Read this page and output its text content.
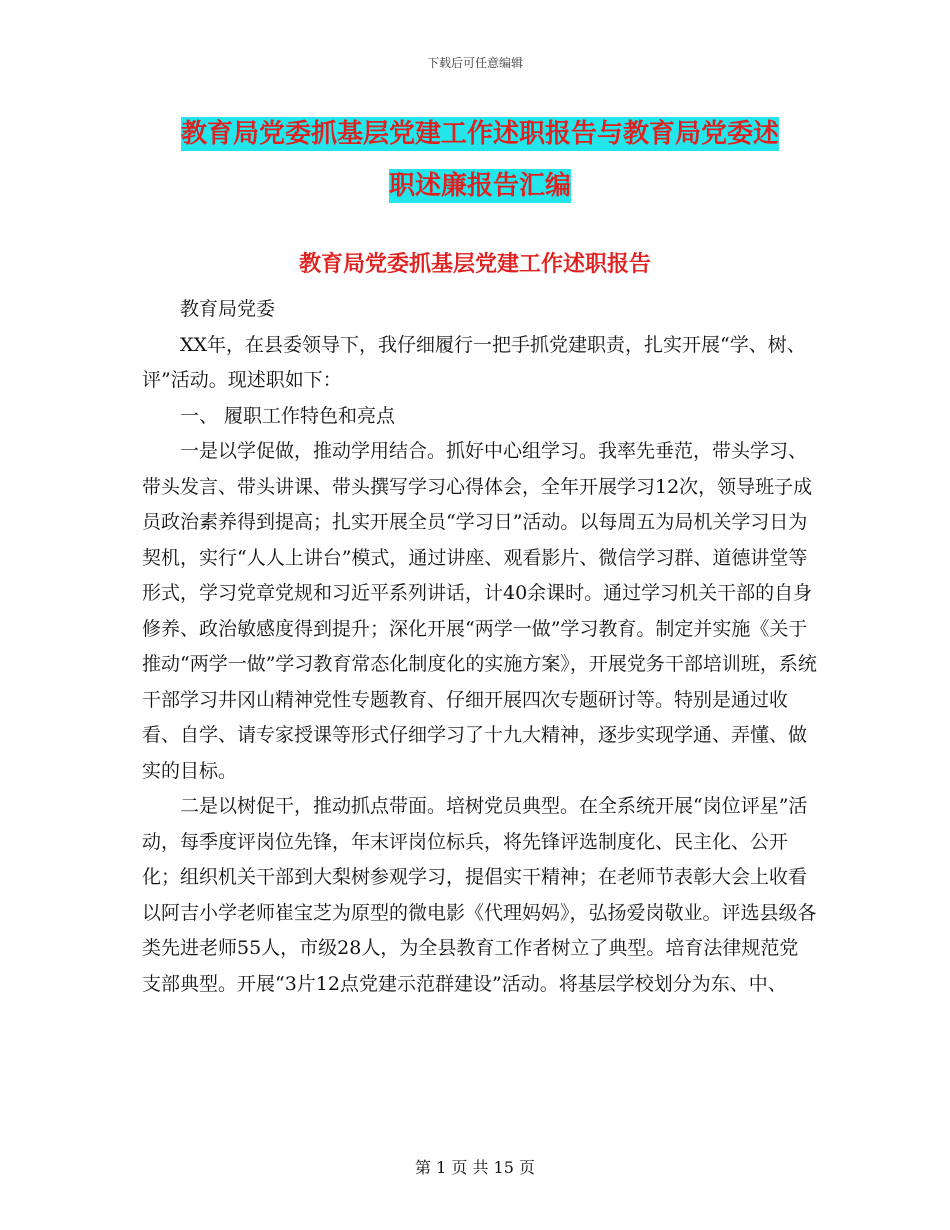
下载后可任意编辑
教育局党委抓基层党建工作述职报告与教育局党委述
职述廉报告汇编
教育局党委抓基层党建工作述职报告

教育局党委

XX年，在县委领导下，我仔细履行一把手抓党建职责，扎实开展“学、树、评”活动。现述职如下：

一、 履职工作特色和亮点

一是以学促做，推动学用结合。抓好中心组学习。我率先垂范，带头学习、带头发言、带头讲课、带头撰写学习心得体会，全年开展学习12次，领导班子成员政治素养得到提高；扎实开展全员“学习日”活动。以每周五为局机关学习日为契机，实行“人人上讲台”模式，通过讲座、观看影片、微信学习群、道德讲堂等形式，学习党章党规和习近平系列讲话，计40余课时。通过学习机关干部的自身修养、政治敏感度得到提升；深化开展“两学一做”学习教育。制定并实施《关于推动“两学一做”学习教育常态化制度化的实施方案》，开展党务干部培训班，系统干部学习井冈山精神党性专题教育、仔细开展四次专题研讨等。特别是通过收看、自学、请专家授课等形式仔细学习了十九大精神，逐步实现学通、弄懂、做实的目标。

二是以树促干，推动抓点带面。培树党员典型。在全系统开展“岗位评星”活动，每季度评岗位先锋，年末评岗位标兵，将先锋评选制度化、民主化、公开化；组织机关干部到大梨树参观学习，提倡实干精神；在老师节表彰大会上收看以阿吉小学老师崔宝芝为原型的微电影《代理妈妈》，弘扬爱岗敬业。评选县级各类先进老师55人，市级28人，为全县教育工作者树立了典型。培育法律规范党支部典型。开展“3片12点党建示范群建设”活动。将基层学校划分为东、中、

第 1 页 共 15 页
